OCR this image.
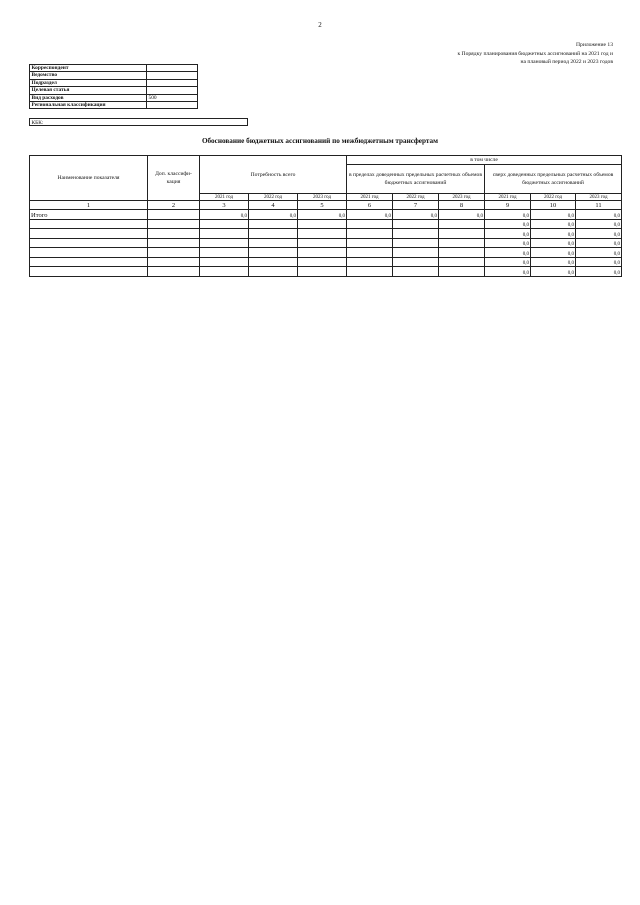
2
Приложение 13
к Порядку планирования бюджетных ассигнований на 2021 год и
на плановый период 2022 и 2023 годов
Корреспондент	
Ведомство	
Подраздел	
Целевая статья	
Вид расходов	500
Региональная классификация	
КБК:
Обоснование бюджетных ассигнований по межбюджетным трансфертам
Наименование показателя	Доп. классифи-кация	Потребность всего			в том числе					
					в пределах доведенных предельных расчетных объемов бюджетных ассигнований			сверх доведенных предельных расчетных объемов бюджетных ассигнований		
		2021 год	2022 год	2023 год	2021 год	2022 год	2023 год	2021 год	2022 год	2023 год
1	2	3	4	5	6	7	8	9	10	11
Итого		0,0	0,0	0,0	0,0	0,0	0,0	0,0	0,0	0,0
								0,0	0,0	0,0
								0,0	0,0	0,0
								0,0	0,0	0,0
								0,0	0,0	0,0
								0,0	0,0	0,0
								0,0	0,0	0,0
